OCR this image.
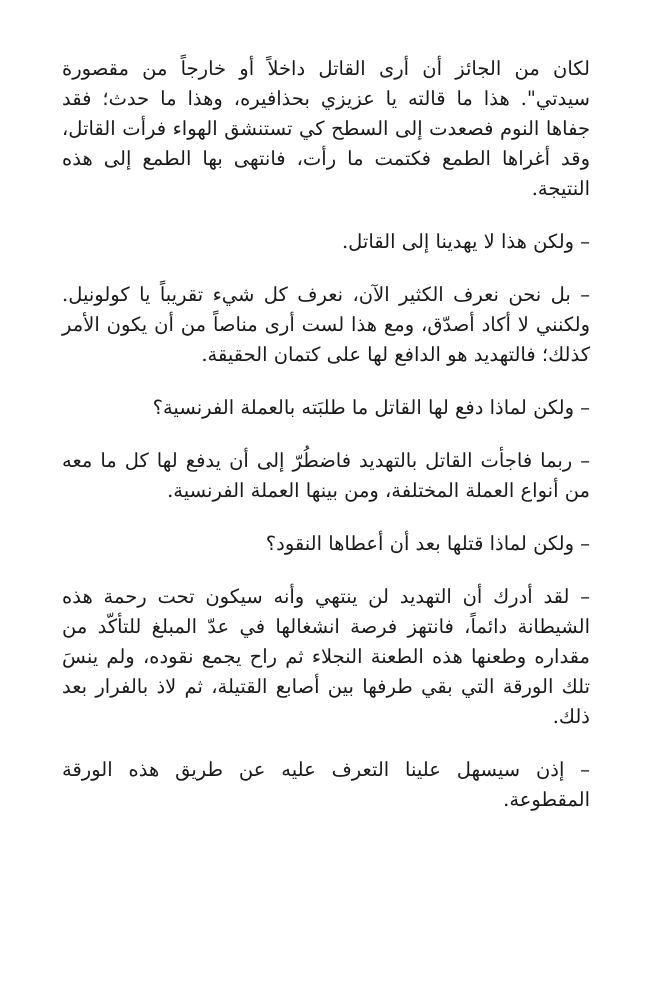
لكان من الجائز أن أرى القاتل داخلاً أو خارجاً من مقصورة سيدتي". هذا ما قالته يا عزيزي بحذافيره، وهذا ما حدث؛ فقد جفاها النوم فصعدت إلى السطح كي تستنشق الهواء فرأت القاتل، وقد أغراها الطمع فكتمت ما رأت، فانتهى بها الطمع إلى هذه النتيجة.

– ولكن هذا لا يهدينا إلى القاتل.

– بل نحن نعرف الكثير الآن، نعرف كل شيء تقريباً يا كولونيل. ولكنني لا أكاد أصدّق، ومع هذا لست أرى مناصاً من أن يكون الأمر كذلك؛ فالتهديد هو الدافع لها على كتمان الحقيقة.

– ولكن لماذا دفع لها القاتل ما طلبَته بالعملة الفرنسية؟

– ربما فاجأت القاتل بالتهديد فاضطُرّ إلى أن يدفع لها كل ما معه من أنواع العملة المختلفة، ومن بينها العملة الفرنسية.

– ولكن لماذا قتلها بعد أن أعطاها النقود؟

– لقد أدرك أن التهديد لن ينتهي وأنه سيكون تحت رحمة هذه الشيطانة دائماً، فانتهز فرصة انشغالها في عدّ المبلغ للتأكّد من مقداره وطعنها هذه الطعنة النجلاء ثم راح يجمع نقوده، ولم ينسَ تلك الورقة التي بقي طرفها بين أصابع القتيلة، ثم لاذ بالفرار بعد ذلك.

– إذن سيسهل علينا التعرف عليه عن طريق هذه الورقة المقطوعة.
